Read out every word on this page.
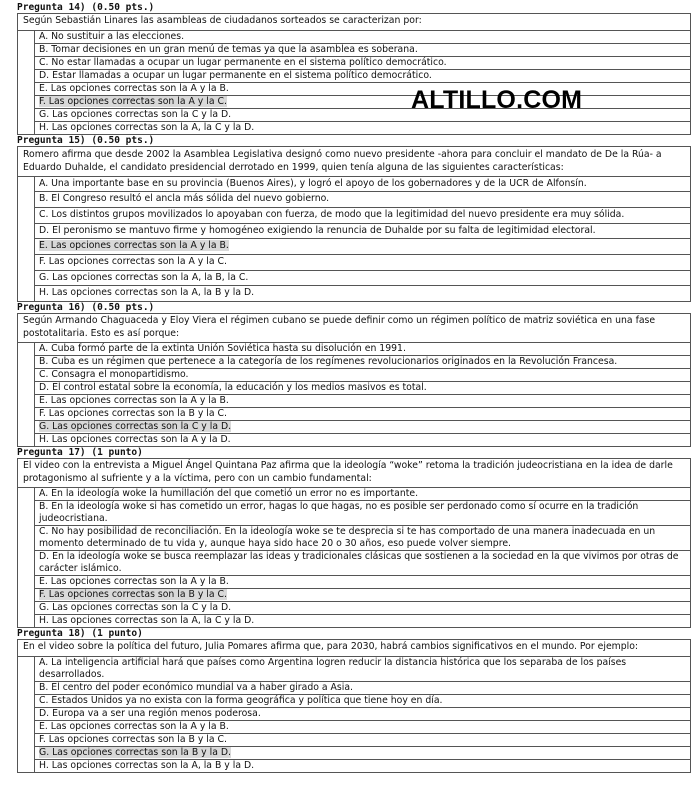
Pregunta 14) (0.50 pts.)
Según Sebastián Linares las asambleas de ciudadanos sorteados se caracterizan por:
A. No sustituir a las elecciones.
B. Tomar decisiones en un gran menú de temas ya que la asamblea es soberana.
C. No estar llamadas a ocupar un lugar permanente en el sistema político democrático.
D. Estar llamadas a ocupar un lugar permanente en el sistema político democrático.
E. Las opciones correctas son la A y la B.
F. Las opciones correctas son la A y la C.
G. Las opciones correctas son la C y la D.
H. Las opciones correctas son la A, la C y la D.
Pregunta 15) (0.50 pts.)
Romero afirma que desde 2002 la Asamblea Legislativa designó como nuevo presidente -ahora para concluir el mandato de De la Rúa- a Eduardo Duhalde, el candidato presidencial derrotado en 1999, quien tenía alguna de las siguientes características:
A. Una importante base en su provincia (Buenos Aires), y logró el apoyo de los gobernadores y de la UCR de Alfonsín.
B. El Congreso resultó el ancla más sólida del nuevo gobierno.
C. Los distintos grupos movilizados lo apoyaban con fuerza, de modo que la legitimidad del nuevo presidente era muy sólida.
D. El peronismo se mantuvo firme y homogéneo exigiendo la renuncia de Duhalde por su falta de legitimidad electoral.
E. Las opciones correctas son la A y la B.
F. Las opciones correctas son la A y la C.
G. Las opciones correctas son la A, la B, la C.
H. Las opciones correctas son la A, la B y la D.
Pregunta 16) (0.50 pts.)
Según Armando Chaguaceda y Eloy Viera el régimen cubano se puede definir como un régimen político de matriz soviética en una fase postotalitaria. Esto es así porque:
A. Cuba formó parte de la extinta Unión Soviética hasta su disolución en 1991.
B. Cuba es un régimen que pertenece a la categoría de los regímenes revolucionarios originados en la Revolución Francesa.
C. Consagra el monopartidismo.
D. El control estatal sobre la economía, la educación y los medios masivos es total.
E. Las opciones correctas son la A y la B.
F. Las opciones correctas son la B y la C.
G. Las opciones correctas son la C y la D.
H. Las opciones correctas son la A y la D.
Pregunta 17) (1 punto)
El video con la entrevista a Miguel Ángel Quintana Paz afirma que la ideología “woke” retoma la tradición judeocristiana en la idea de darle protagonismo al sufriente y a la víctima, pero con un cambio fundamental:
A. En la ideología woke la humillación del que cometió un error no es importante.
B. En la ideología woke si has cometido un error, hagas lo que hagas, no es posible ser perdonado como sí ocurre en la tradición judeocristiana.
C. No hay posibilidad de reconciliación. En la ideología woke se te desprecia si te has comportado de una manera inadecuada en un momento determinado de tu vida y, aunque haya sido hace 20 o 30 años, eso puede volver siempre.
D. En la ideología woke se busca reemplazar las ideas y tradicionales clásicas que sostienen a la sociedad en la que vivimos por otras de carácter islámico.
E. Las opciones correctas son la A y la B.
F. Las opciones correctas son la B y la C.
G. Las opciones correctas son la C y la D.
H. Las opciones correctas son la A, la C y la D.
Pregunta 18) (1 punto)
En el video sobre la política del futuro, Julia Pomares afirma que, para 2030, habrá cambios significativos en el mundo. Por ejemplo:
A. La inteligencia artificial hará que países como Argentina logren reducir la distancia histórica que los separaba de los países desarrollados.
B. El centro del poder económico mundial va a haber girado a Asia.
C. Estados Unidos ya no exista con la forma geográfica y política que tiene hoy en día.
D. Europa va a ser una región menos poderosa.
E. Las opciones correctas son la A y la B.
F. Las opciones correctas son la B y la C.
G. Las opciones correctas son la B y la D.
H. Las opciones correctas son la A, la B y la D.
ALTILLO.COM
